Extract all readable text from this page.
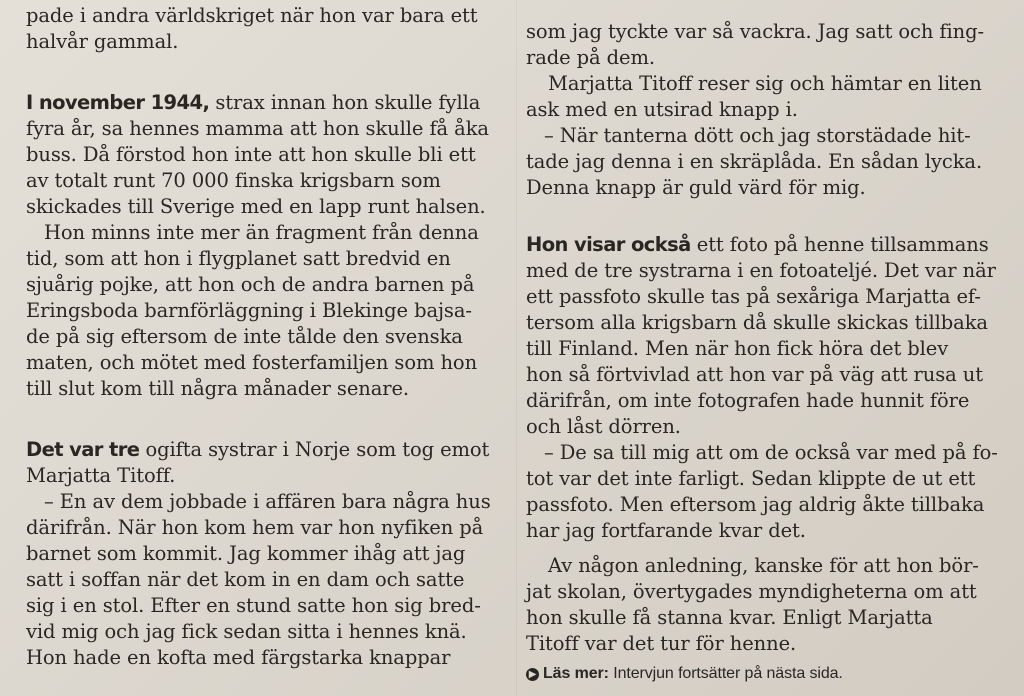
pade i andra världskriget när hon var bara ett
halvår gammal.
I november 1944, strax innan hon skulle fylla
fyra år, sa hennes mamma att hon skulle få åka
buss. Då förstod hon inte att hon skulle bli ett
av totalt runt 70 000 finska krigsbarn som
skickades till Sverige med en lapp runt halsen.
Hon minns inte mer än fragment från denna
tid, som att hon i flygplanet satt bredvid en
sjuårig pojke, att hon och de andra barnen på
Eringsboda barnförläggning i Blekinge bajsa-
de på sig eftersom de inte tålde den svenska
maten, och mötet med fosterfamiljen som hon
till slut kom till några månader senare.
Det var tre ogifta systrar i Norje som tog emot
Marjatta Titoff.
– En av dem jobbade i affären bara några hus
därifrån. När hon kom hem var hon nyfiken på
barnet som kommit. Jag kommer ihåg att jag
satt i soffan när det kom in en dam och satte
sig i en stol. Efter en stund satte hon sig bred-
vid mig och jag fick sedan sitta i hennes knä.
Hon hade en kofta med färgstarka knappar
som jag tyckte var så vackra. Jag satt och fing-
rade på dem.
Marjatta Titoff reser sig och hämtar en liten
ask med en utsirad knapp i.
– När tanterna dött och jag storstädade hit-
tade jag denna i en skräplåda. En sådan lycka.
Denna knapp är guld värd för mig.
Hon visar också ett foto på henne tillsammans
med de tre systrarna i en fotoateljé. Det var när
ett passfoto skulle tas på sexåriga Marjatta ef-
tersom alla krigsbarn då skulle skickas tillbaka
till Finland. Men när hon fick höra det blev
hon så förtvivlad att hon var på väg att rusa ut
därifrån, om inte fotografen hade hunnit före
och låst dörren.
– De sa till mig att om de också var med på fo-
tot var det inte farligt. Sedan klippte de ut ett
passfoto. Men eftersom jag aldrig åkte tillbaka
har jag fortfarande kvar det.
Av någon anledning, kanske för att hon bör-
jat skolan, övertygades myndigheterna om att
hon skulle få stanna kvar. Enligt Marjatta
Titoff var det tur för henne.
▶ Läs mer: Intervjun fortsätter på nästa sida.
